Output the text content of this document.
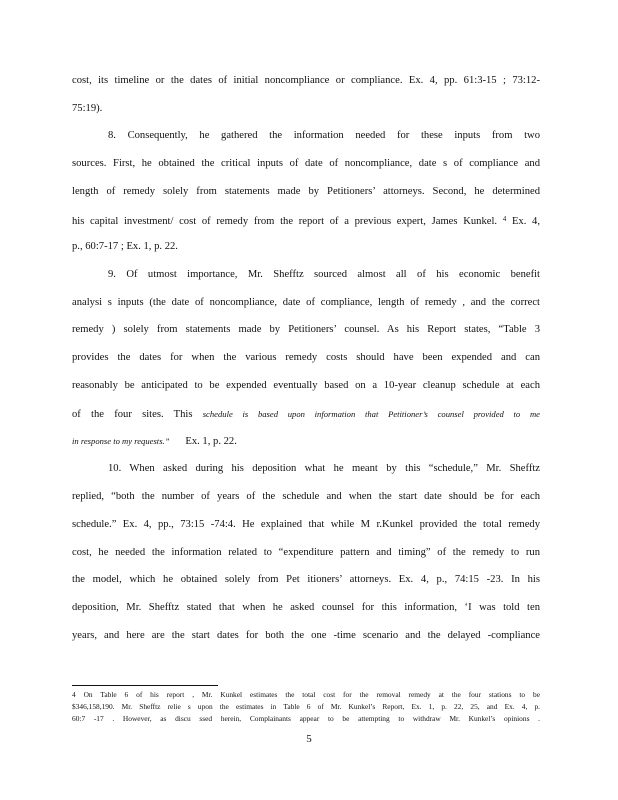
cost, its timeline or the dates of initial noncompliance or compliance. Ex. 4, pp. 61:3-15 ; 73:12-
75:19).
8. Consequently, he gathered the information needed for these inputs from two
sources. First, he obtained the critical inputs of date of noncompliance, date s of compliance and
length of remedy solely from statements made by Petitioners’ attorneys. Second, he determined
his capital investment/ cost of remedy from the report of a previous expert, James Kunkel. $^4$ Ex. 4,
p., 60:7-17 ; Ex. 1, p. 22.
9. Of utmost importance, Mr. Shefftz sourced almost all of his economic benefit
analysi s inputs (the date of noncompliance, date of compliance, length of remedy , and the correct
remedy ) solely from statements made by Petitioners’ counsel. As his Report states, “Table 3
provides the dates for when the various remedy costs should have been expended and can
reasonably be anticipated to be expended eventually based on a 10-year cleanup schedule at each
of the four sites. This schedule is based upon information that Petitioner’s counsel provided to me
in response to my requests.” Ex. 1, p. 22.
10. When asked during his deposition what he meant by this “schedule,” Mr. Shefftz
replied, “both the number of years of the schedule and when the start date should be for each
schedule.” Ex. 4, pp., 73:15 -74:4. He explained that while M r.Kunkel provided the total remedy
cost, he needed the information related to “expenditure pattern and timing” of the remedy to run
the model, which he obtained solely from Pet itioners’ attorneys. Ex. 4, p., 74:15 -23. In his
deposition, Mr. Shefftz stated that when he asked counsel for this information, ‘I was told ten
years, and here are the start dates for both the one -time scenario and the delayed -compliance
4 On Table 6 of his report , Mr. Kunkel estimates the total cost for the removal remedy at the four stations to be
$346,158,190. Mr. Shefftz relie s upon the estimates in Table 6 of Mr. Kunkel’s Report, Ex. 1, p. 22, 25, and Ex. 4, p.
60:7 -17 . However, as discu ssed herein, Complainants appear to be attempting to withdraw Mr. Kunkel’s opinions .
5
